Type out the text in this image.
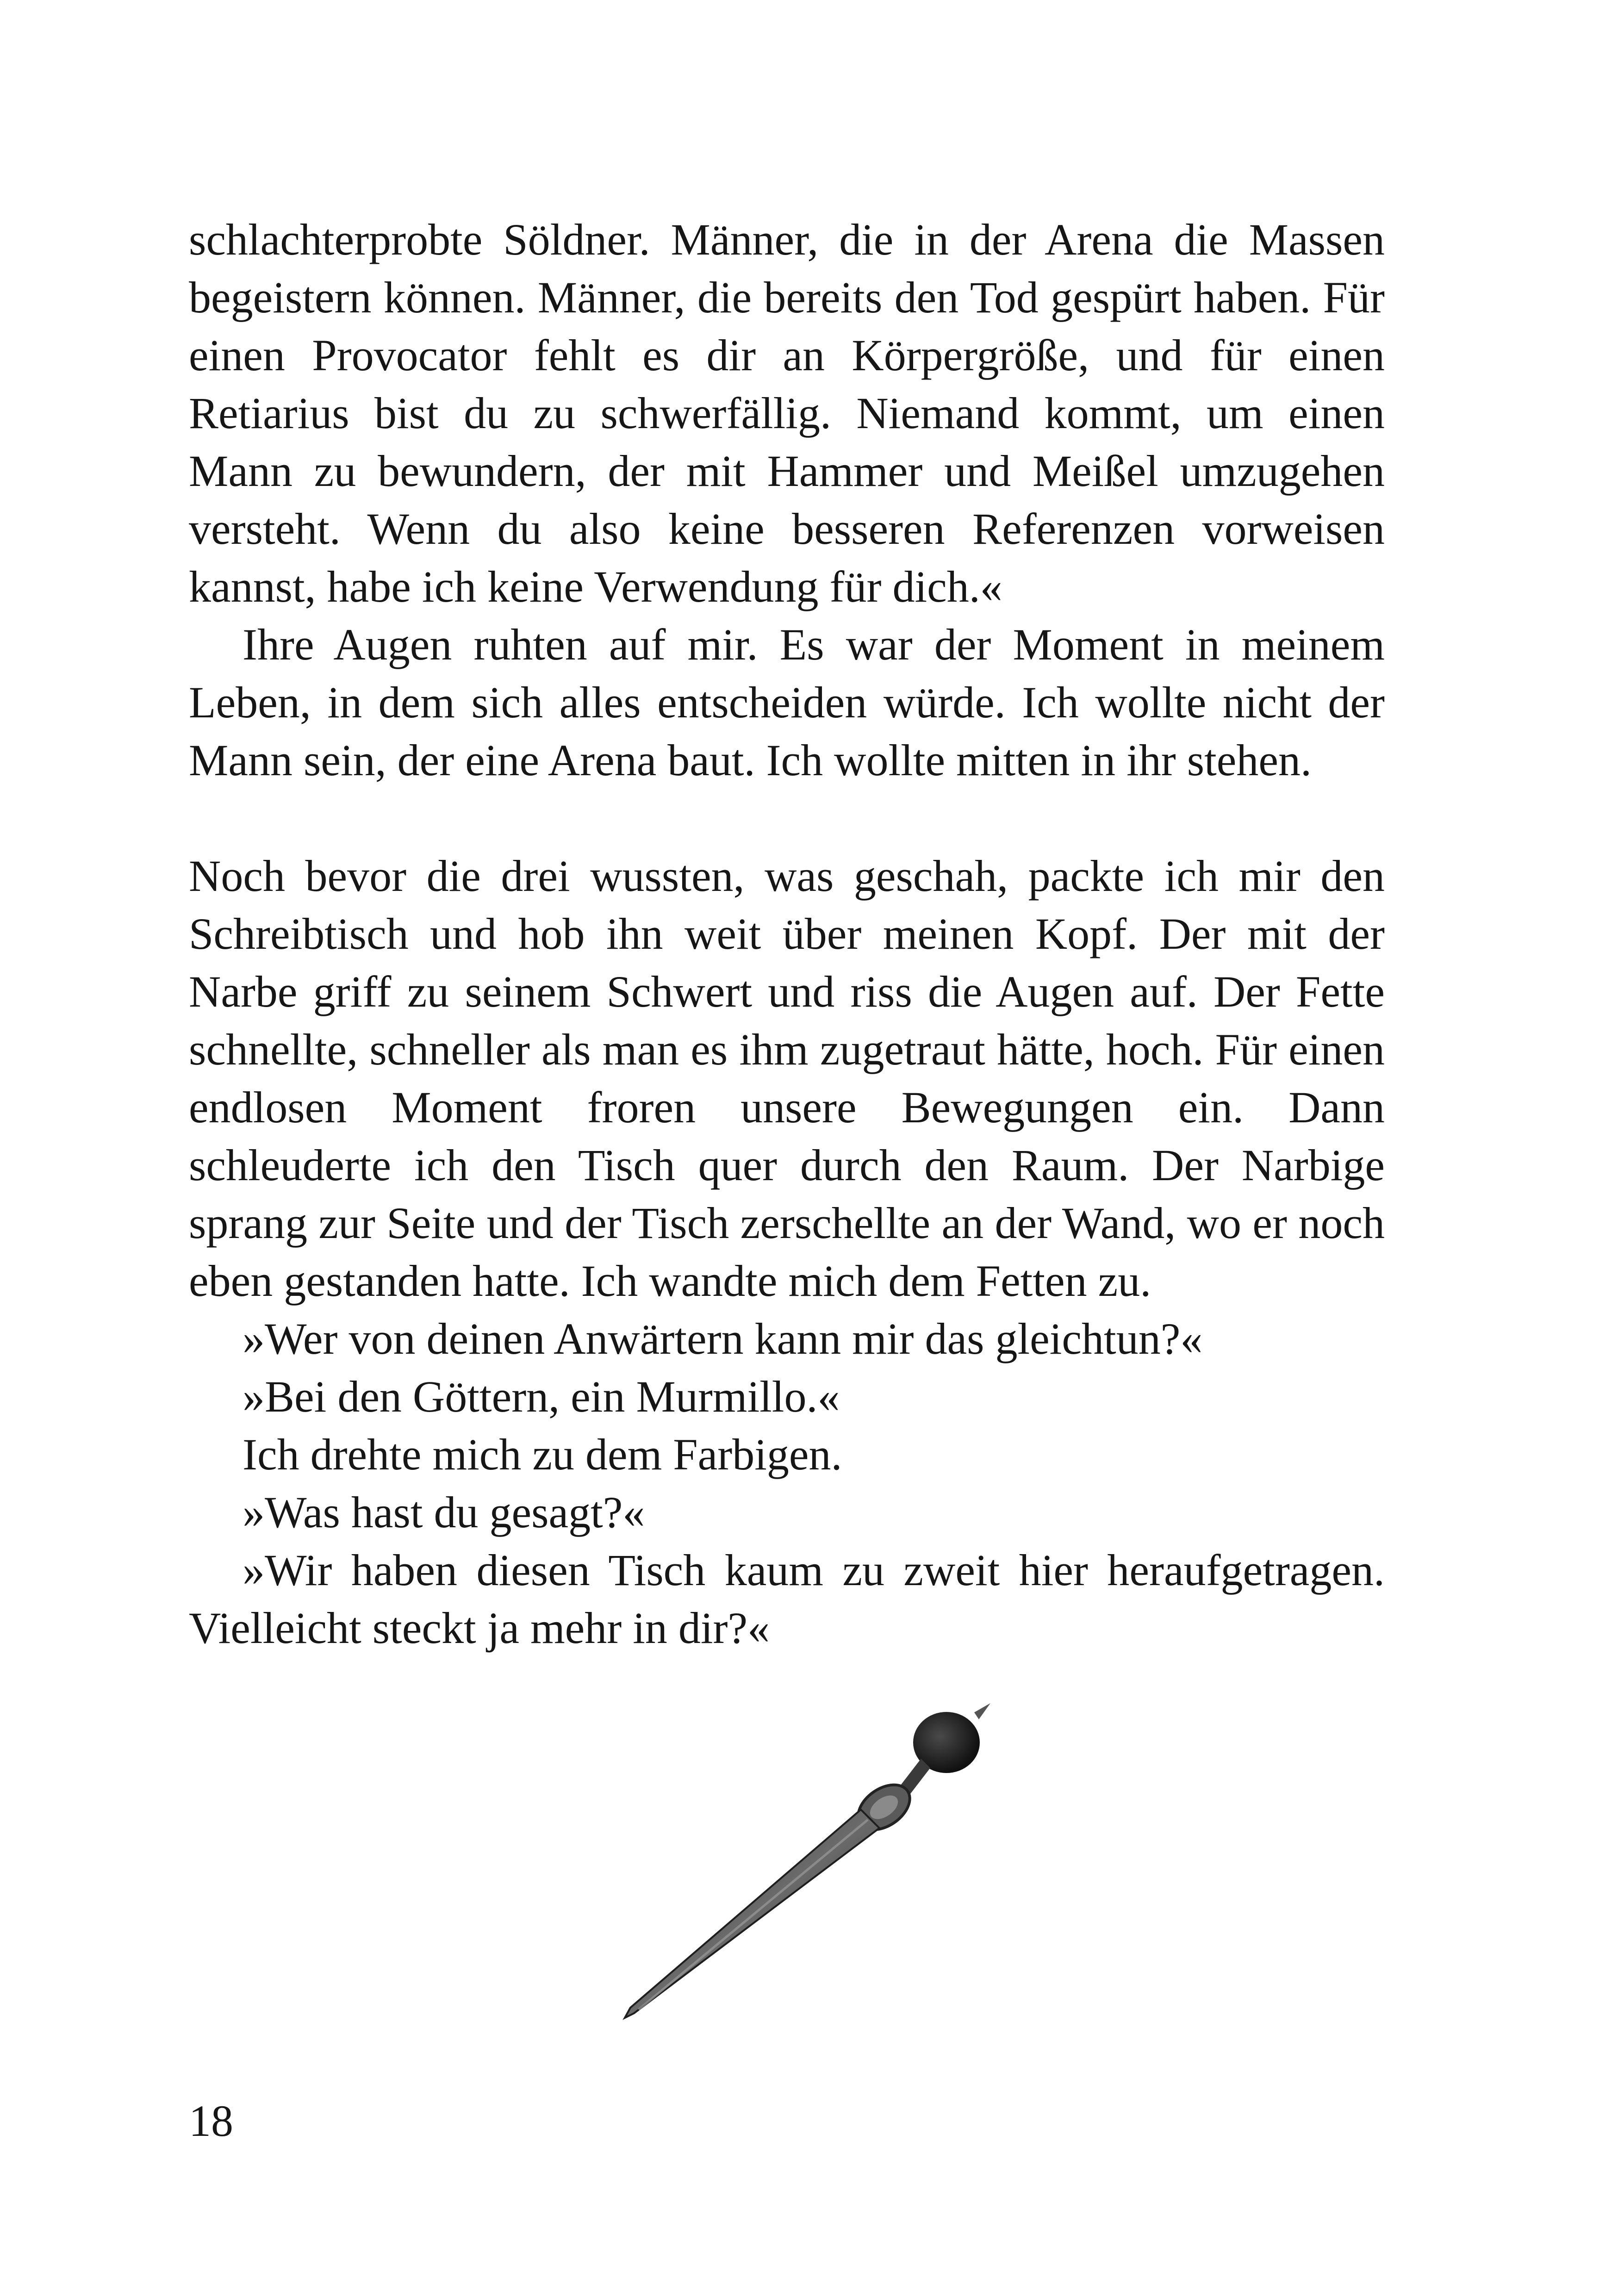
schlachterprobte Söldner. Männer, die in der Arena die Massen begeistern können. Männer, die bereits den Tod gespürt haben. Für einen Provocator fehlt es dir an Körpergröße, und für einen Retiarius bist du zu schwerfällig. Niemand kommt, um einen Mann zu bewundern, der mit Hammer und Meißel umzugehen versteht. Wenn du also keine besseren Referenzen vorweisen kannst, habe ich keine Verwendung für dich.«

Ihre Augen ruhten auf mir. Es war der Moment in meinem Leben, in dem sich alles entscheiden würde. Ich wollte nicht der Mann sein, der eine Arena baut. Ich wollte mitten in ihr stehen.

Noch bevor die drei wussten, was geschah, packte ich mir den Schreibtisch und hob ihn weit über meinen Kopf. Der mit der Narbe griff zu seinem Schwert und riss die Augen auf. Der Fette schnellte, schneller als man es ihm zugetraut hätte, hoch. Für einen endlosen Moment froren unsere Bewegungen ein. Dann schleuderte ich den Tisch quer durch den Raum. Der Narbige sprang zur Seite und der Tisch zerschellte an der Wand, wo er noch eben gestanden hatte. Ich wandte mich dem Fetten zu.

»Wer von deinen Anwärtern kann mir das gleichtun?«

»Bei den Göttern, ein Murmillo.«

Ich drehte mich zu dem Farbigen.

»Was hast du gesagt?«

»Wir haben diesen Tisch kaum zu zweit hier heraufgetragen. Vielleicht steckt ja mehr in dir?«

18
